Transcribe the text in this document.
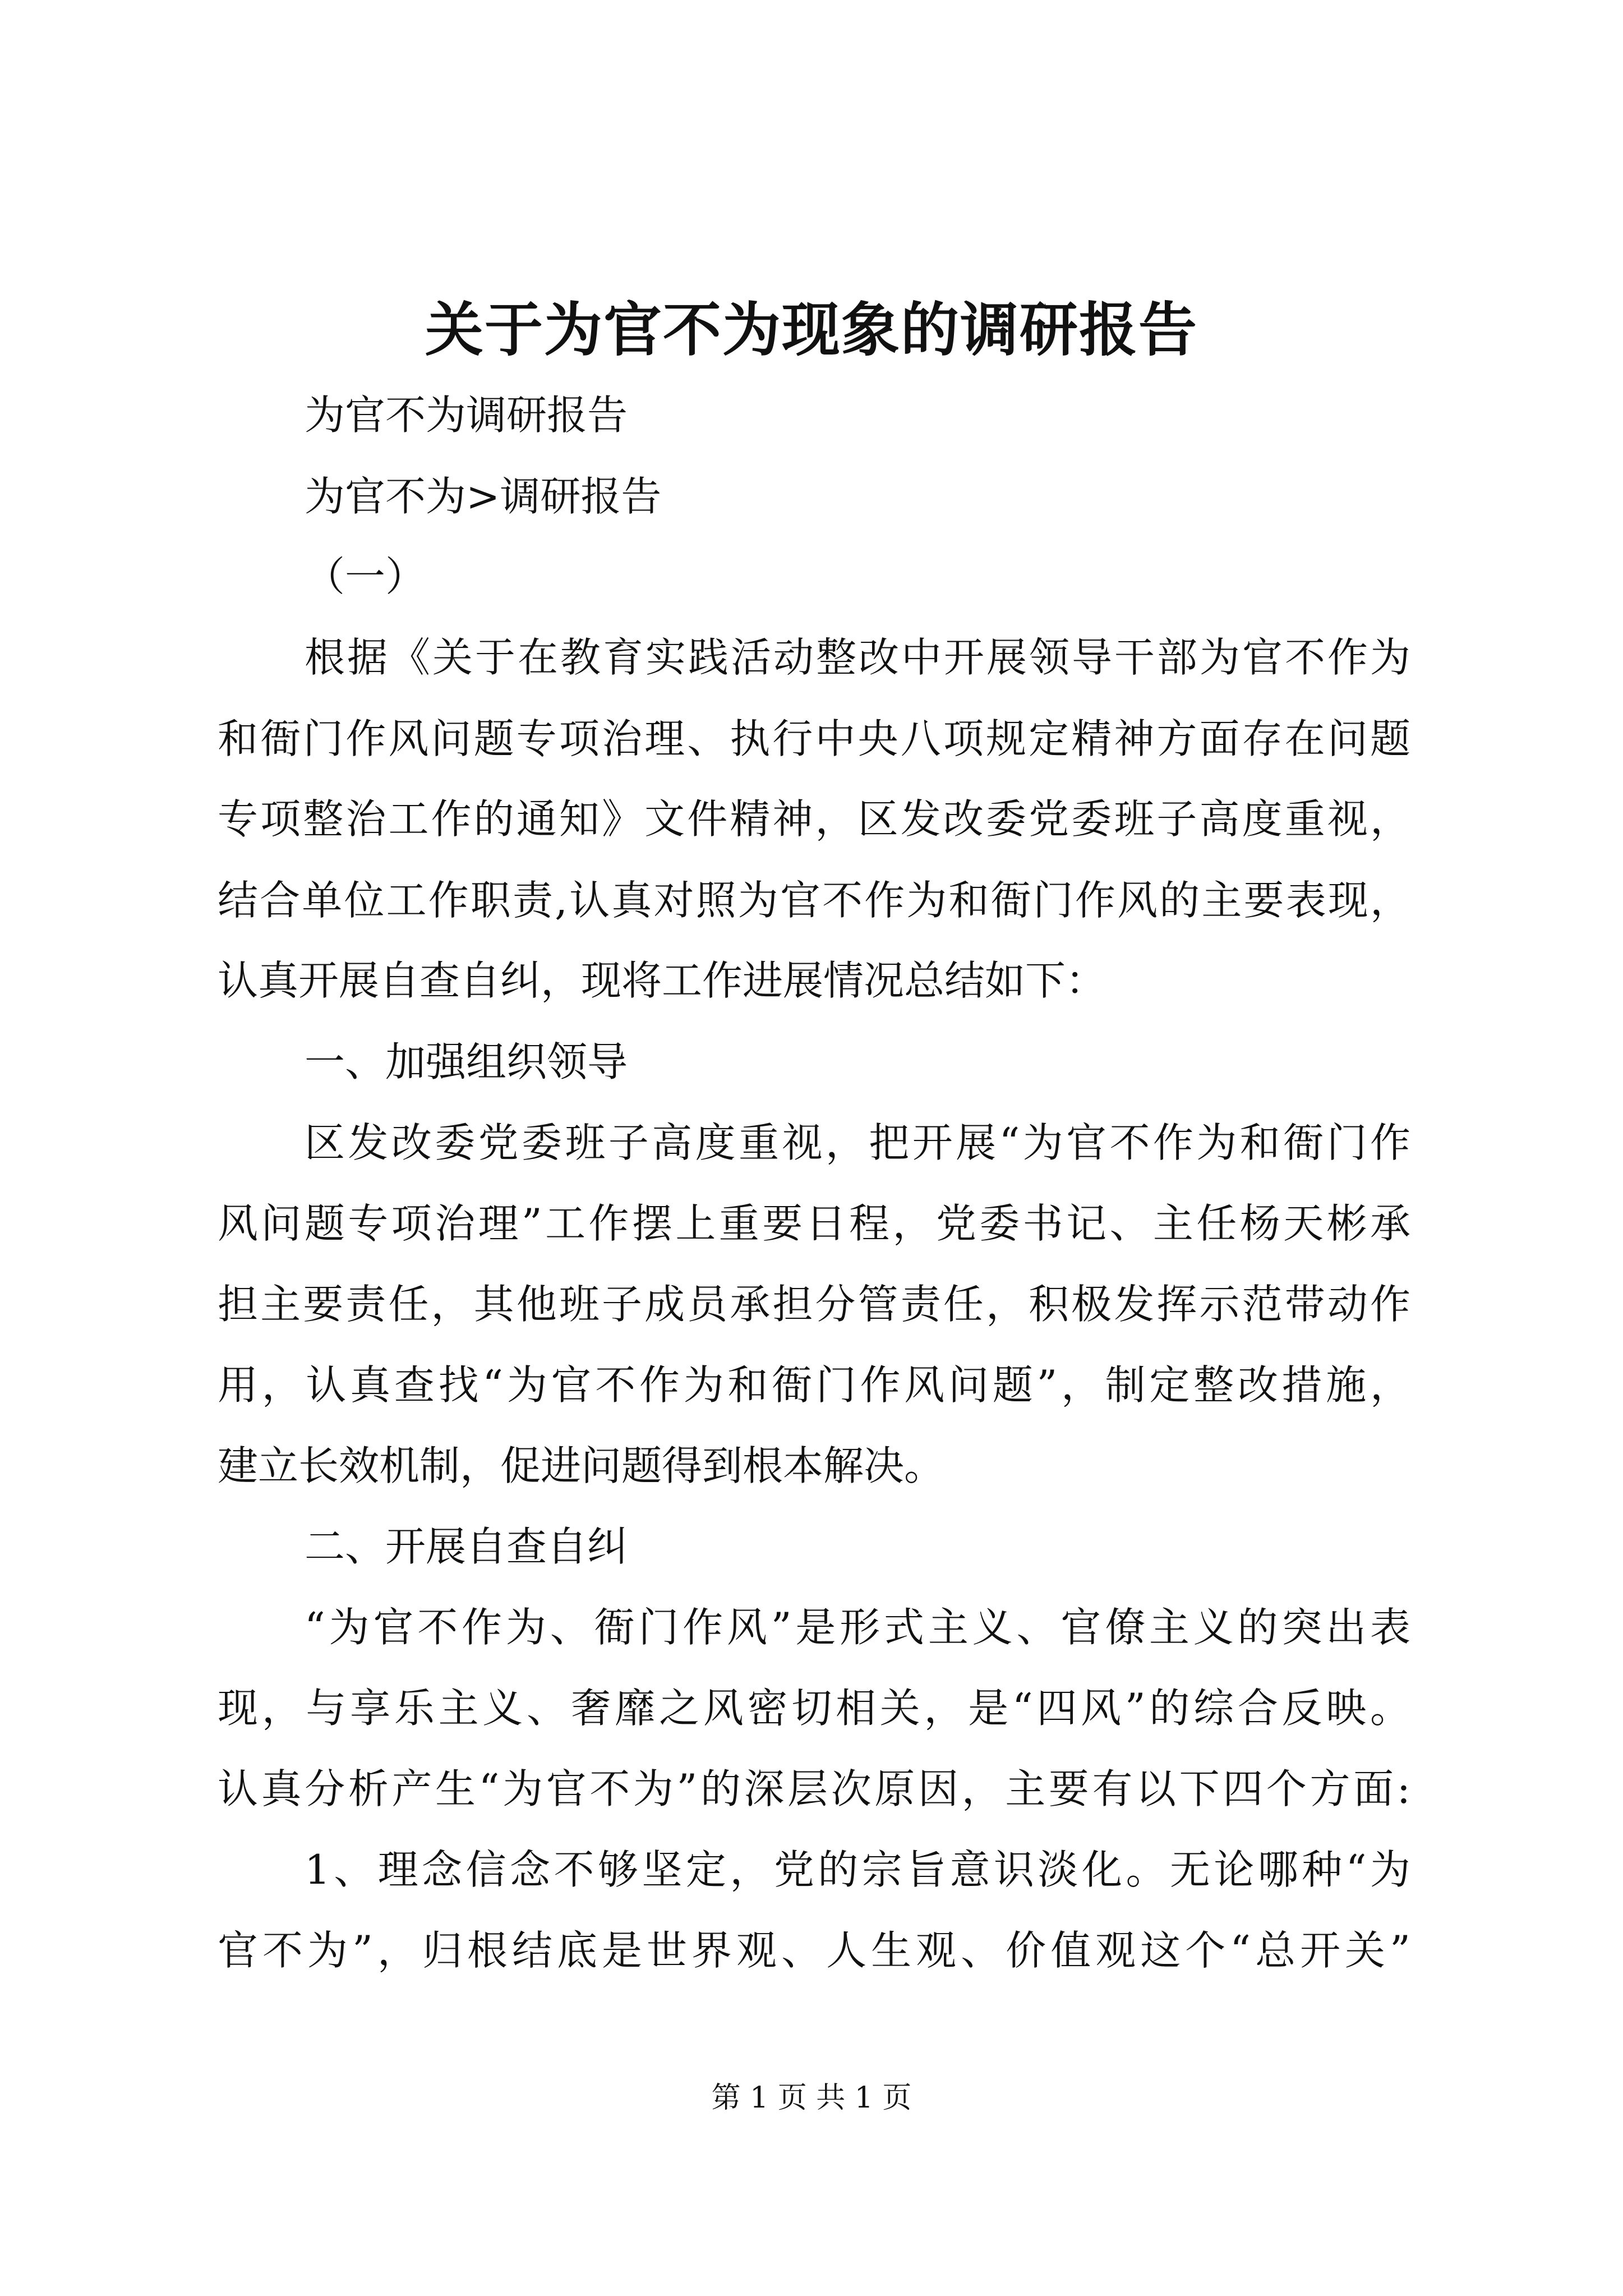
关于为官不为现象的调研报告
为官不为调研报告
为官不为>调研报告
（一）
根据《关于在教育实践活动整改中开展领导干部为官不作为
和衙门作风问题专项治理、执行中央八项规定精神方面存在问题
专项整治工作的通知》文件精神，区发改委党委班子高度重视，
结合单位工作职责,认真对照为官不作为和衙门作风的主要表现，
认真开展自查自纠，现将工作进展情况总结如下：
一、加强组织领导
区发改委党委班子高度重视，把开展“为官不作为和衙门作
风问题专项治理”工作摆上重要日程，党委书记、主任杨天彬承
担主要责任，其他班子成员承担分管责任，积极发挥示范带动作
用，认真查找“为官不作为和衙门作风问题”，制定整改措施，
建立长效机制，促进问题得到根本解决。
二、开展自查自纠
“为官不作为、衙门作风”是形式主义、官僚主义的突出表
现，与享乐主义、奢靡之风密切相关，是“四风”的综合反映。
认真分析产生“为官不为”的深层次原因，主要有以下四个方面:
1、理念信念不够坚定，党的宗旨意识淡化。无论哪种“为
官不为”，归根结底是世界观、人生观、价值观这个“总开关”
第 1 页 共 1 页
